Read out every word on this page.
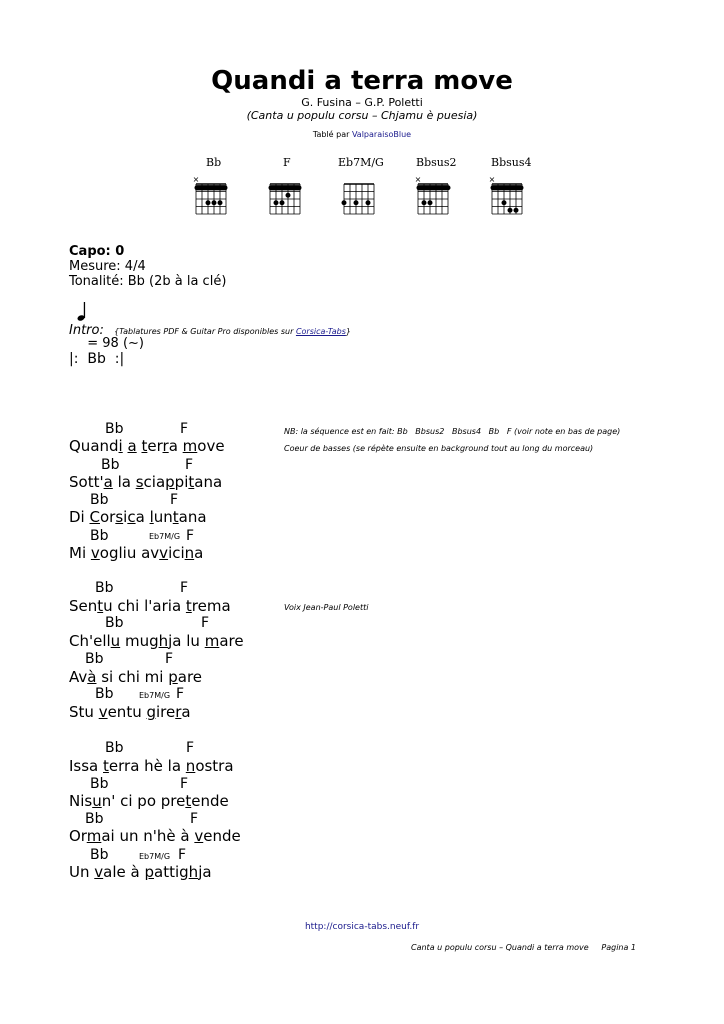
Quandi a terra move
G. Fusina – G.P. Poletti
(Canta u populu corsu – Chjamu è puesia)
Tablé par ValparaisoBlue
Bb	F	Eb7M/G	Bbsus2	Bbsus4
×	×	×
Capo: 0
Mesure: 4/4
Tonalité: Bb (2b à la clé)

= 98 (~)

Intro: {Tablatures PDF & Guitar Pro disponibles sur Corsica-Tabs}
|:  Bb  :|
Bb	F
Quandi a terra move
Bb	F
Sott'a la sciappitana
Bb	F
Di Corsica luntana
Bb	Eb7M/G F
Mi vogliu avvicina
Bb	F
Sentu chi l'aria trema
Bb	F
Ch'ellu mughja lu mare
Bb	F
Avà si chi mi pare
Bb	Eb7M/G F
Stu ventu girera
Bb	F
Issa terra hè la nostra
Bb	F
Nisun' ci po pretende
Bb	F
Ormai un n'hè à vende
Bb	Eb7M/G F
Un vale à pattighja
NB: la séquence est en fait: Bb   Bbsus2   Bbsus4   Bb   F (voir note en bas de page)
Coeur de basses (se répète ensuite en background tout au long du morceau)
Voix Jean-Paul Poletti
http://corsica-tabs.neuf.fr
Canta u populu corsu – Quandi a terra move     Pagina 1
